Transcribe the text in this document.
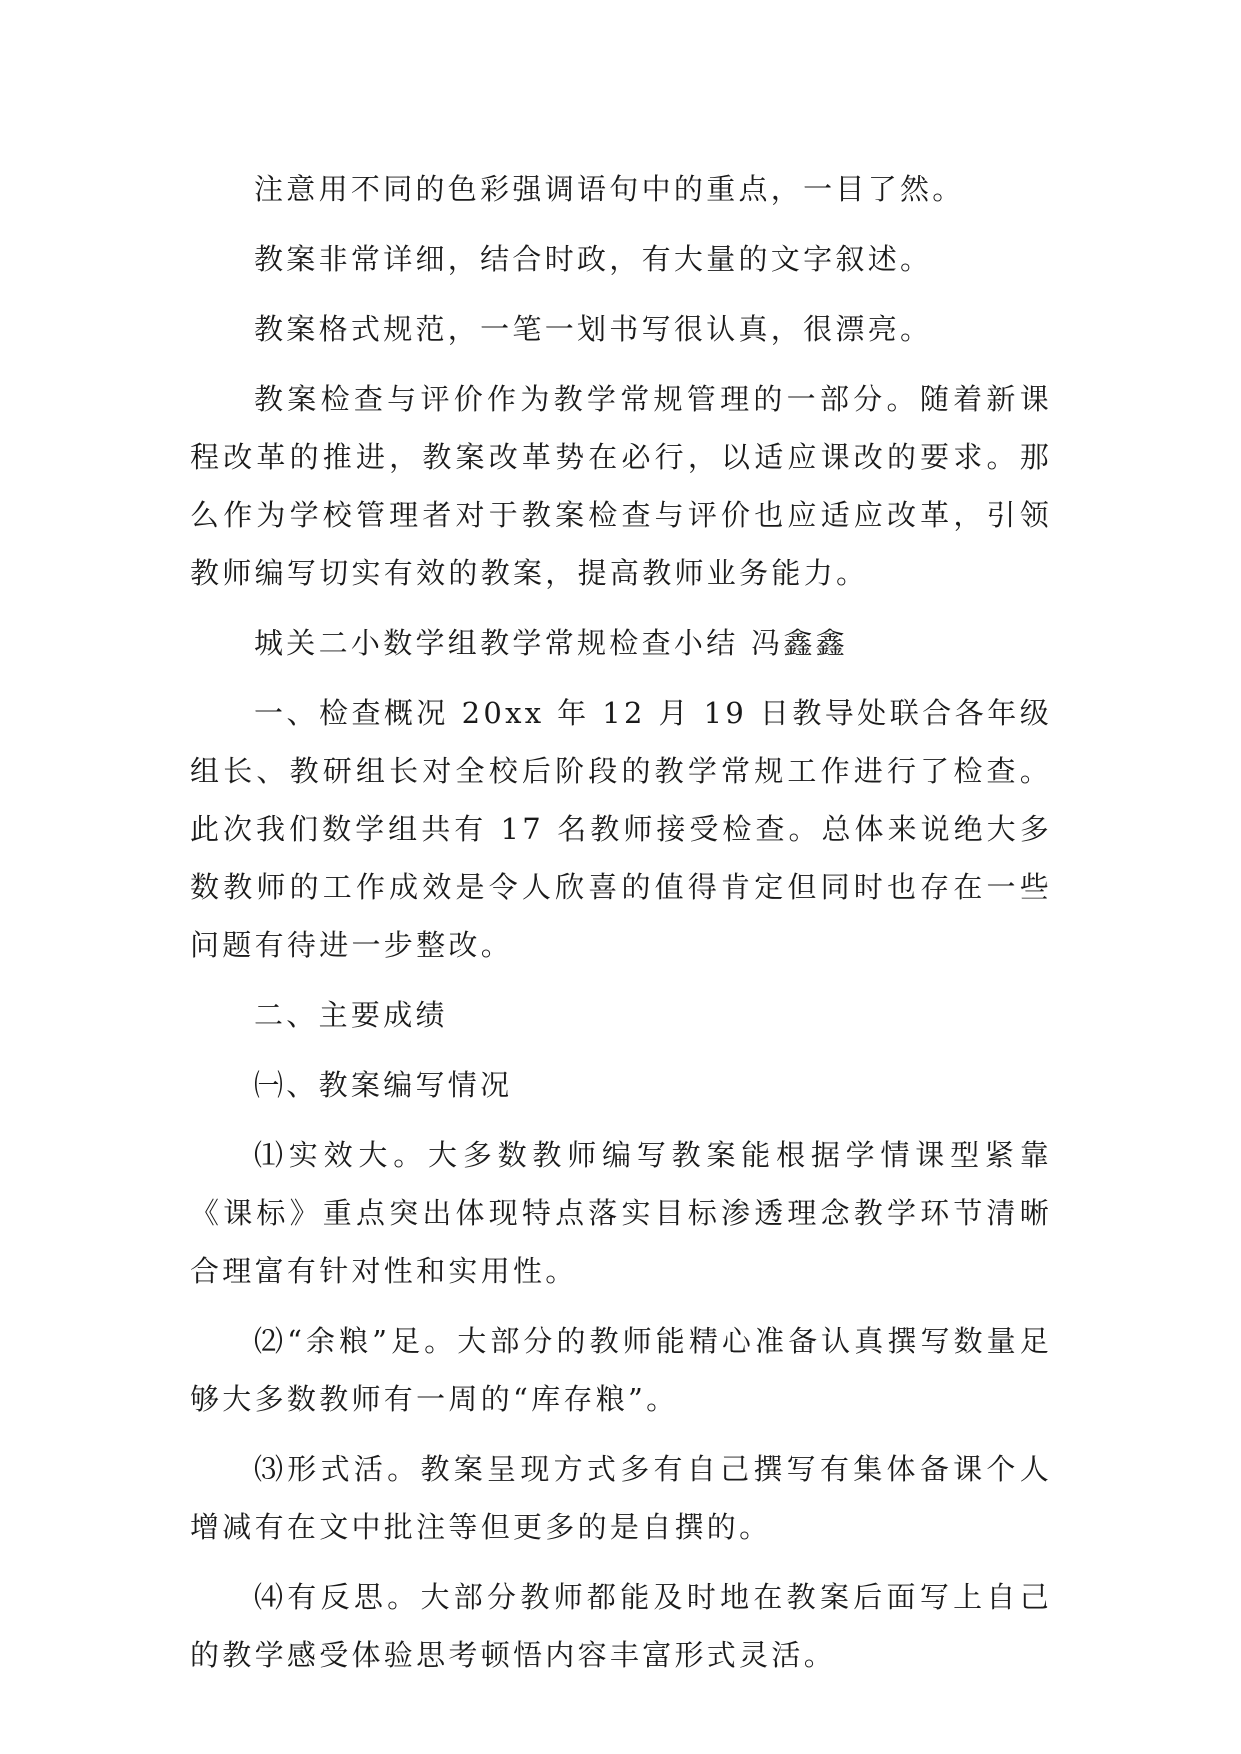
注意用不同的色彩强调语句中的重点，一目了然。

教案非常详细，结合时政，有大量的文字叙述。

教案格式规范，一笔一划书写很认真，很漂亮。

教案检查与评价作为教学常规管理的一部分。随着新课程改革的推进，教案改革势在必行，以适应课改的要求。那么作为学校管理者对于教案检查与评价也应适应改革，引领教师编写切实有效的教案，提高教师业务能力。

城关二小数学组教学常规检查小结 冯鑫鑫

一、检查概况 20xx 年 12 月 19 日教导处联合各年级组长、教研组长对全校后阶段的教学常规工作进行了检查。此次我们数学组共有 17 名教师接受检查。总体来说绝大多数教师的工作成效是令人欣喜的值得肯定但同时也存在一些问题有待进一步整改。

二、主要成绩

㈠、教案编写情况

⑴实效大。大多数教师编写教案能根据学情课型紧靠《课标》重点突出体现特点落实目标渗透理念教学环节清晰合理富有针对性和实用性。

⑵“余粮”足。大部分的教师能精心准备认真撰写数量足够大多数教师有一周的“库存粮”。

⑶形式活。教案呈现方式多有自己撰写有集体备课个人增减有在文中批注等但更多的是自撰的。

⑷有反思。大部分教师都能及时地在教案后面写上自己的教学感受体验思考顿悟内容丰富形式灵活。
